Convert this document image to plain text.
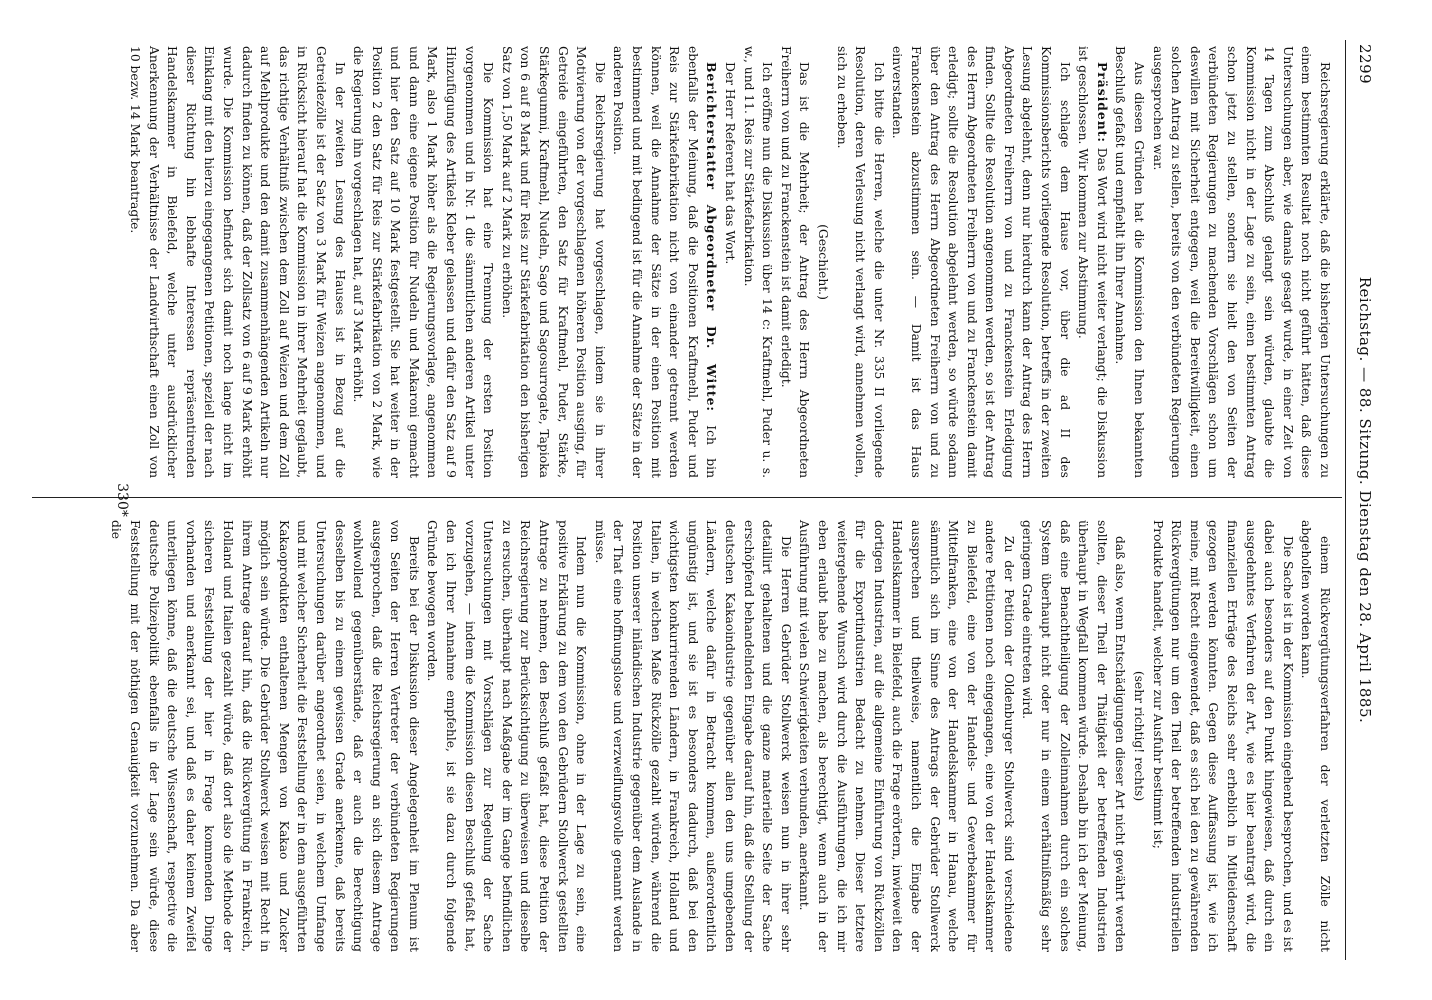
2299
Reichstag. — 88. Sitzung. Dienstag den 28. April 1885.

Reichsregierung erklärte, daß die bisherigen Untersuchungen zu einem bestimmten Resultat noch nicht geführt hätten, daß diese Untersuchungen aber, wie damals gesagt wurde, in einer Zeit von 14 Tagen zum Abschluß gelangt sein würden, glaubte die Kommission nicht in der Lage zu sein, einen bestimmten Antrag schon jetzt zu stellen, sondern sie hielt den von Seiten der verbündeten Regierungen zu machenden Vorschlägen schon um deswillen mit Sicherheit entgegen, weil die Bereitwilligkeit, einen solchen Antrag zu stellen, bereits von den verbündeten Regierungen ausgesprochen war.

Aus diesen Gründen hat die Kommission den Ihnen bekannten Beschluß gefaßt und empfiehlt ihn Ihrer Annahme.

Präsident: Das Wort wird nicht weiter verlangt; die Diskussion ist geschlossen. Wir kommen zur Abstimmung.

Ich schlage dem Hause vor, über die ad II des Kommissionsberichts vorliegende Resolution, betreffs in der zweiten Lesung abgelehnt, denn nur hierdurch kann der Antrag des Herrn Abgeordneten Freiherrn von und zu Franckenstein Erledigung finden. Sollte die Resolution angenommen werden, so ist der Antrag des Herrn Abgeordneten Freiherrn von und zu Franckenstein damit erledigt; sollte die Resolution abgelehnt werden, so würde sodann über den Antrag des Herrn Abgeordneten Freiherrn von und zu Franckenstein abzustimmen sein. — Damit ist das Haus einverstanden.

Ich bitte die Herren, welche die unter Nr. 335 II vorliegende Resolution, deren Verlesung nicht verlangt wird, annehmen wollen, sich zu erheben.

(Geschieht.)

Das ist die Mehrheit; der Antrag des Herrn Abgeordneten Freiherrn von und zu Franckenstein ist damit erledigt.

Ich eröffne nun die Diskussion über 14 c: Kraftmehl, Puder u. s. w., und 11. Reis zur Stärkefabrikation.

Der Herr Referent hat das Wort.

Berichterstatter Abgeordneter Dr. Witte: Ich bin ebenfalls der Meinung, daß die Positionen Kraftmehl, Puder und Reis zur Stärkefabrikation nicht von einander getrennt werden können, weil die Annahme der Sätze in der einen Position mit bestimmend und mit bedingend ist für die Annahme der Sätze in der anderen Position.

Die Reichsregierung hat vorgeschlagen, indem sie in ihrer Motivierung von der vorgeschlagenen höheren Position ausging, für Getreide eingeführten, den Satz für Kraftmehl, Puder, Stärke, Stärkegummi, Kraftmehl, Nudeln, Sago und Sagosurrogate, Tapioka von 6 auf 8 Mark und für Reis zur Stärkefabrikation den bisherigen Satz von 1,50 Mark auf 2 Mark zu erhöhen.

Die Kommission hat eine Trennung der ersten Position vorgenommen und in Nr. 1 die sämmtlichen anderen Artikel unter Hinzufügung des Artikels Kleber gelassen und dafür den Satz auf 9 Mark, also 1 Mark höher als die Regierungsvorlage, angenommen und dann eine eigene Position für Nudeln und Makaroni gemacht und hier den Satz auf 10 Mark festgestellt. Sie hat weiter in der Position 2 den Satz für Reis zur Stärkefabrikation von 2 Mark, wie die Regierung ihn vorgeschlagen hat, auf 3 Mark erhöht.

In der zweiten Lesung des Hauses ist in Bezug auf die Getreidezölle ist der Satz von 3 Mark für Weizen angenommen, und in Rücksicht hierauf hat die Kommission in ihrer Mehrheit geglaubt, das richtige Verhältniß zwischen dem Zoll auf Weizen und dem Zoll auf Mehlprodukte und den damit zusammenhängenden Artikeln nur dadurch finden zu können, daß der Zollsatz von 6 auf 9 Mark erhöht wurde. Die Kommission befindet sich damit noch lange nicht im Einklang mit den hierzu eingegangenen Petitionen, speziell der nach dieser Richtung hin lebhafte Interessen repräsentirenden Handelskammer in Bielefeld, welche unter ausdrücklicher Anerkennung der Verhältnisse der Landwirthschaft einen Zoll von 10 bezw. 14 Mark beantragte.

einem Rückvergütungsverfahren der verletzten Zölle nicht abgeholfen worden kann.

Die Sache ist in der Kommission eingehend besprochen, und es ist dabei auch besonders auf den Punkt hingewiesen, daß durch ein ausgedehntes Verfahren der Art, wie es hier beantragt wird, die finanziellen Erträge des Reichs sehr erheblich in Mitleidenschaft gezogen werden könnten. Gegen diese Auffassung ist, wie ich meine, mit Recht eingewendet, daß es sich bei den zu gewährenden Rückvergütungen nur um den Theil der betreffenden industriellen Produkte handelt, welcher zur Ausfuhr bestimmt ist;

(sehr richtig! rechts)

daß also, wenn Entschädigungen dieser Art nicht gewährt werden sollten, dieser Theil der Thätigkeit der betreffenden Industrien überhaupt in Wegfall kommen würde. Deshalb bin ich der Meinung, daß eine Benachtheiligung der Zolleinnahmen durch ein solches System überhaupt nicht oder nur in einem verhältnißmäßig sehr geringem Grade eintreten wird.

Zu der Petition der Oldenburger Stollwerck sind verschiedene andere Petitionen noch eingegangen, eine von der Handelskammer zu Bielefeld, eine von der Handels- und Gewerbekammer für Mittelfranken, eine von der Handelskammer in Hanau, welche sämmtlich sich im Sinne des Antrags der Gebrüder Stollwerck aussprechen und theilweise, namentlich die Eingabe der Handelskammer in Bielefeld, auch die Frage erörtern, inwieweit den dortigen Industrien, auf die allgemeine Einführung von Rückzöllen für die Exportindustrien Bedacht zu nehmen. Dieser letztere weitergehende Wunsch wird durch die Ausführungen, die ich mir eben erlaubt habe zu machen, als berechtigt, wenn auch in der Ausführung mit vielen Schwierigkeiten verbunden, anerkannt.

Die Herren Gebrüder Stollwerck weisen nun in ihrer sehr detaillirt gehaltenen und die ganze materielle Seite der Sache erschöpfend behandelnden Eingabe darauf hin, daß die Stellung der deutschen Kakaoindustrie gegenüber allen den uns umgebenden Ländern, welche dafür in Betracht kommen, außerordentlich ungünstig ist, und sie ist es besonders dadurch, daß bei den wichtigsten konkurrirenden Ländern, in Frankreich, Holland und Italien, in welchen Maße Rückzölle gezahlt würden, während die Position unserer inländischen Industrie gegenüber dem Auslande in der That eine hoffnungslose und verzweiflungsvolle genannt werden müsse.

Indem nun die Kommission, ohne in der Lage zu sein, eine positive Erklärung zu dem von den Gebrüdern Stollwerck gestellten Antrage zu nehmen, den Beschluß gefaßt hat, diese Petition der Reichsregierung zur Berücksichtigung zu überweisen und dieselbe zu ersuchen, überhaupt nach Maßgabe der im Gange befindlichen Untersuchungen mit Vorschlägen zur Regelung der Sache vorzugehen, — indem die Kommission diesen Beschluß gefaßt hat, den ich Ihrer Annahme empfehle, ist sie dazu durch folgende Gründe bewogen worden.

Bereits bei der Diskussion dieser Angelegenheit im Plenum ist von Seiten der Herren Vertreter der verbündeten Regierungen ausgesprochen, daß die Reichsregierung an sich diesem Antrage wohlwollend gegenüberstände, daß er auch die Berechtigung desselben bis zu einem gewissen Grade anerkenne, daß bereits Untersuchungen darüber angeordnet seien, in welchem Umfange und mit welcher Sicherheit die Feststellung der in dem ausgeführten Kakaoprodukten enthaltenen Mengen von Kakao und Zucker möglich sein würde. Die Gebrüder Stollwerck weisen mit Recht in ihrem Antrage darauf hin, daß die Rückvergütung in Frankreich, Holland und Italien gezahlt würde, daß dort also die Methode der sicheren Feststellung der hier in Frage kommenden Dinge vorhanden und anerkannt sei, und daß es daher keinem Zweifel unterliegen könne, daß die deutsche Wissenschaft, respective die deutsche Polizeipolitik ebenfalls in der Lage sein würde, diese Feststellung mit der nöthigen Genauigkeit vorzunehmen. Da aber die

330*
